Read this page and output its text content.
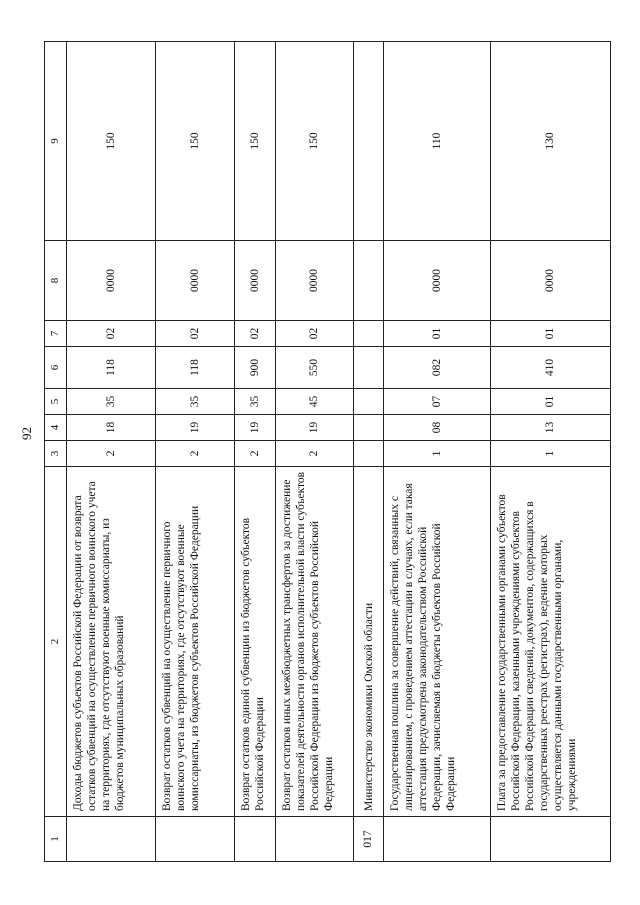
92
1	2	3	4	5	6	7	8	9
	Доходы бюджетов субъектов Российской Федерации от возврата остатков субвенций на осуществление первичного воинского учета на территориях, где отсутствуют военные комиссариаты, из бюджетов муниципальных образований	2	18	35	118	02	0000	150
	Возврат остатков субвенций на осуществление первичного воинского учета на территориях, где отсутствуют военные комиссариаты, из бюджетов субъектов Российской Федерации	2	19	35	118	02	0000	150
	Возврат остатков единой субвенции из бюджетов субъектов Российской Федерации	2	19	35	900	02	0000	150
	Возврат остатков иных межбюджетных трансфертов за достижение показателей деятельности органов исполнительной власти субъектов Российской Федерации из бюджетов субъектов Российской Федерации	2	19	45	550	02	0000	150
017	Министерство экономики Омской области							
	Государственная пошлина за совершение действий, связанных с лицензированием, с проведением аттестации в случаях, если такая аттестация предусмотрена законодательством Российской Федерации, зачисляемая в бюджеты субъектов Российской Федерации	1	08	07	082	01	0000	110
	Плата за предоставление государственными органами субъектов Российской Федерации, казенными учреждениями субъектов Российской Федерации сведений, документов, содержащихся в государственных реестрах (регистрах), ведение которых осуществляется данными государственными органами, учреждениями	1	13	01	410	01	0000	130
